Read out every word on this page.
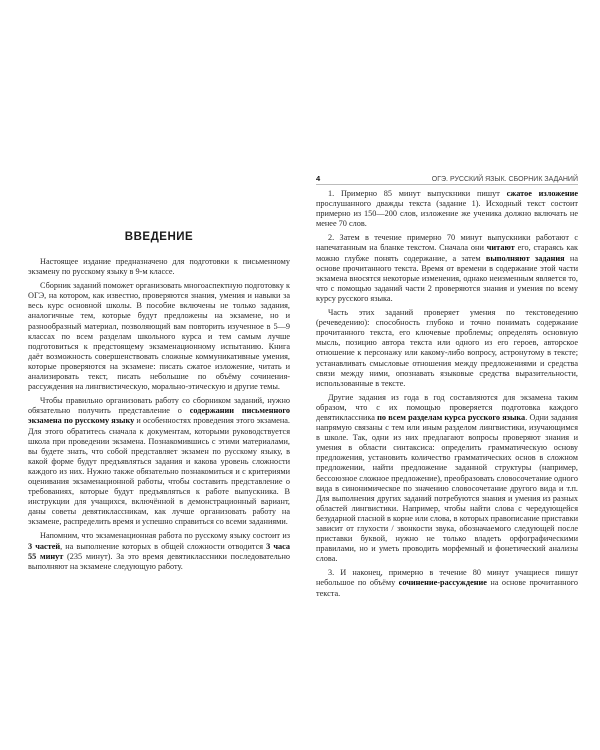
ВВЕДЕНИЕ

Настоящее издание предназначено для подготовки к письменному экзамену по русскому языку в 9-м классе.

Сборник заданий поможет организовать многоаспектную подготовку к ОГЭ, на котором, как известно, проверяются знания, умения и навыки за весь курс основной школы. В пособие включены не только задания, аналогичные тем, которые будут предложены на экзамене, но и разнообразный материал, позволяющий вам повторить изученное в 5—9 классах по всем разделам школьного курса и тем самым лучше подготовиться к предстоящему экзаменационному испытанию. Книга даёт возможность совершенствовать сложные коммуникативные умения, которые проверяются на экзамене: писать сжатое изложение, читать и анализировать текст, писать небольшие по объёму сочинения-рассуждения на лингвистическую, морально-этическую и другие темы.

Чтобы правильно организовать работу со сборником заданий, нужно обязательно получить представление о содержании письменного экзамена по русскому языку и особенностях проведения этого экзамена. Для этого обратитесь сначала к документам, которыми руководствуется школа при проведении экзамена. Познакомившись с этими материалами, вы будете знать, что собой представляет экзамен по русскому языку, в какой форме будут предъявляться задания и какова уровень сложности каждого из них. Нужно также обязательно познакомиться и с критериями оценивания экзаменационной работы, чтобы составить представление о требованиях, которые будут предъявляться к работе выпускника. В инструкции для учащихся, включённой в демонстрационный вариант, даны советы девятиклассникам, как лучше организовать работу на экзамене, распределить время и успешно справиться со всеми заданиями.

Напомним, что экзаменационная работа по русскому языку состоит из 3 частей, на выполнение которых в общей сложности отводится 3 часа 55 минут (235 минут). За это время девятиклассники последовательно выполняют на экзамене следующую работу.

4	ОГЭ. РУССКИЙ ЯЗЫК. СБОРНИК ЗАДАНИЙ

1. Примерно 85 минут выпускники пишут сжатое изложение прослушанного дважды текста (задание 1). Исходный текст состоит примерно из 150—200 слов, изложение же ученика должно включать не менее 70 слов.

2. Затем в течение примерно 70 минут выпускники работают с напечатанным на бланке текстом. Сначала они читают его, стараясь как можно глубже понять содержание, а затем выполняют задания на основе прочитанного текста. Время от времени в содержание этой части экзамена вносятся некоторые изменения, однако неизменным является то, что с помощью заданий части 2 проверяются знания и умения по всему курсу русского языка.

Часть этих заданий проверяет умения по текстоведению (речеведению): способность глубоко и точно понимать содержание прочитанного текста, его ключевые проблемы; определять основную мысль, позицию автора текста или одного из его героев, авторское отношение к персонажу или какому-либо вопросу, астронутому в тексте; устанавливать смысловые отношения между предложениями и средства связи между ними, опознавать языковые средства выразительности, использованные в тексте.

Другие задания из года в год составляются для экзамена таким образом, что с их помощью проверяется подготовка каждого девятиклассника по всем разделам курса русского языка. Одни задания напрямую связаны с тем или иным разделом лингвистики, изучающимся в школе. Так, одни из них предлагают вопросы проверяют знания и умения в области синтаксиса: определить грамматическую основу предложения, установить количество грамматических основ в сложном предложении, найти предложение заданной структуры (например, бессоюзное сложное предложение), преобразовать словосочетание одного вида в синонимическое по значению словосочетание другого вида и т.п. Для выполнения других заданий потребуются знания и умения из разных областей лингвистики. Например, чтобы найти слова с чередующейся безударной гласной в корне или слова, в которых правописание приставки зависит от глухости / звонкости звука, обозначаемого следующей после приставки буквой, нужно не только владеть орфографическими правилами, но и уметь проводить морфемный и фонетический анализы слова.

3. И наконец, примерно в течение 80 минут учащиеся пишут небольшое по объёму сочинение-рассуждение на основе прочитанного текста.
